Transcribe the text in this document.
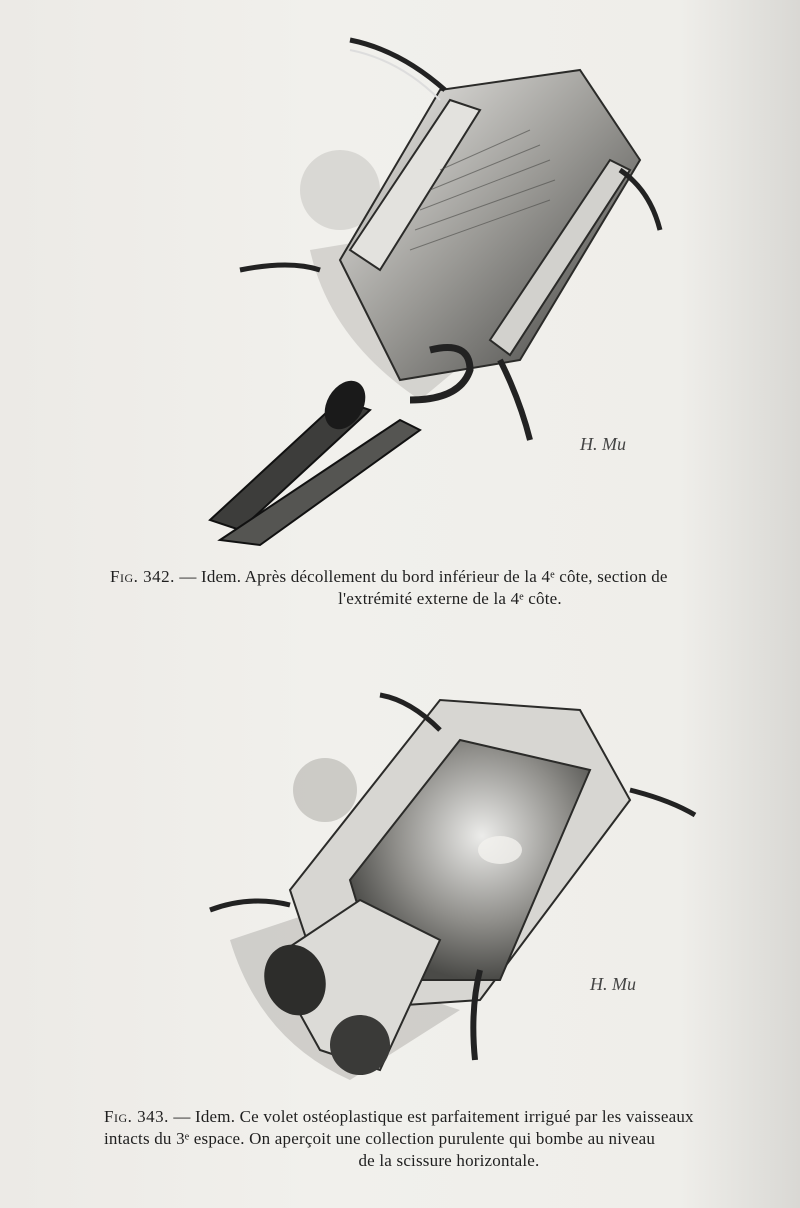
H. Mu
Fig. 342. — Idem. Après décollement du bord inférieur de la 4ᵉ côte, section de
l'extrémité externe de la 4ᵉ côte.
H. Mu
Fig. 343. — Idem. Ce volet ostéoplastique est parfaitement irrigué par les vaisseaux
intacts du 3ᵉ espace. On aperçoit une collection purulente qui bombe au niveau
de la scissure horizontale.
